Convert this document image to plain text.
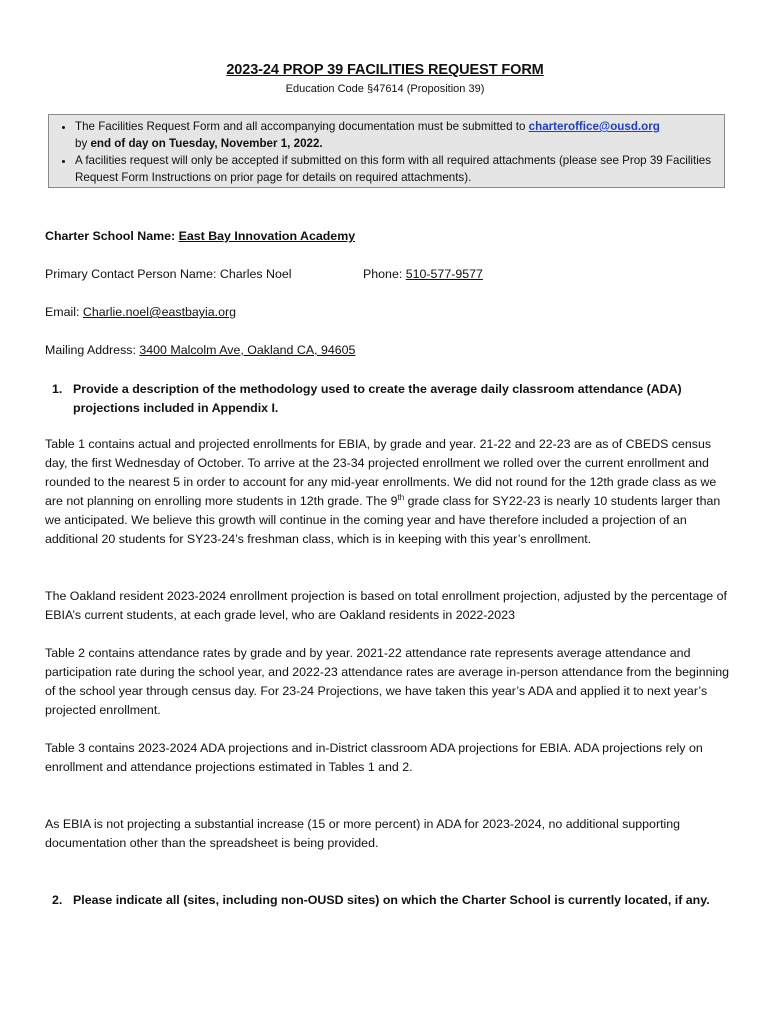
2023-24 PROP 39 FACILITIES REQUEST FORM
Education Code §47614 (Proposition 39)
• The Facilities Request Form and all accompanying documentation must be submitted to charteroffice@ousd.org
by end of day on Tuesday, November 1, 2022.
• A facilities request will only be accepted if submitted on this form with all required attachments (please see Prop 39 Facilities Request Form Instructions on prior page for details on required attachments).
Charter School Name: East Bay Innovation Academy
Primary Contact Person Name: Charles Noel	Phone: 510-577-9577
Email: Charlie.noel@eastbayia.org
Mailing Address: 3400 Malcolm Ave, Oakland CA, 94605
1. Provide a description of the methodology used to create the average daily classroom attendance (ADA) projections included in Appendix I.

Table 1 contains actual and projected enrollments for EBIA, by grade and year. 21-22 and 22-23 are as of CBEDS census day, the first Wednesday of October. To arrive at the 23-34 projected enrollment we rolled over the current enrollment and rounded to the nearest 5 in order to account for any mid-year enrollments. We did not round for the 12th grade class as we are not planning on enrolling more students in 12th grade. The 9th grade class for SY22-23 is nearly 10 students larger than we anticipated. We believe this growth will continue in the coming year and have therefore included a projection of an additional 20 students for SY23-24’s freshman class, which is in keeping with this year’s enrollment.

The Oakland resident 2023-2024 enrollment projection is based on total enrollment projection, adjusted by the percentage of EBIA’s current students, at each grade level, who are Oakland residents in 2022-2023

Table 2 contains attendance rates by grade and by year. 2021-22 attendance rate represents average attendance and participation rate during the school year, and 2022-23 attendance rates are average in-person attendance from the beginning of the school year through census day. For 23-24 Projections, we have taken this year’s ADA and applied it to next year’s projected enrollment.

Table 3 contains 2023-2024 ADA projections and in-District classroom ADA projections for EBIA. ADA projections rely on enrollment and attendance projections estimated in Tables 1 and 2.

As EBIA is not projecting a substantial increase (15 or more percent) in ADA for 2023-2024, no additional supporting documentation other than the spreadsheet is being provided.

2. Please indicate all (sites, including non-OUSD sites) on which the Charter School is currently located, if any.
